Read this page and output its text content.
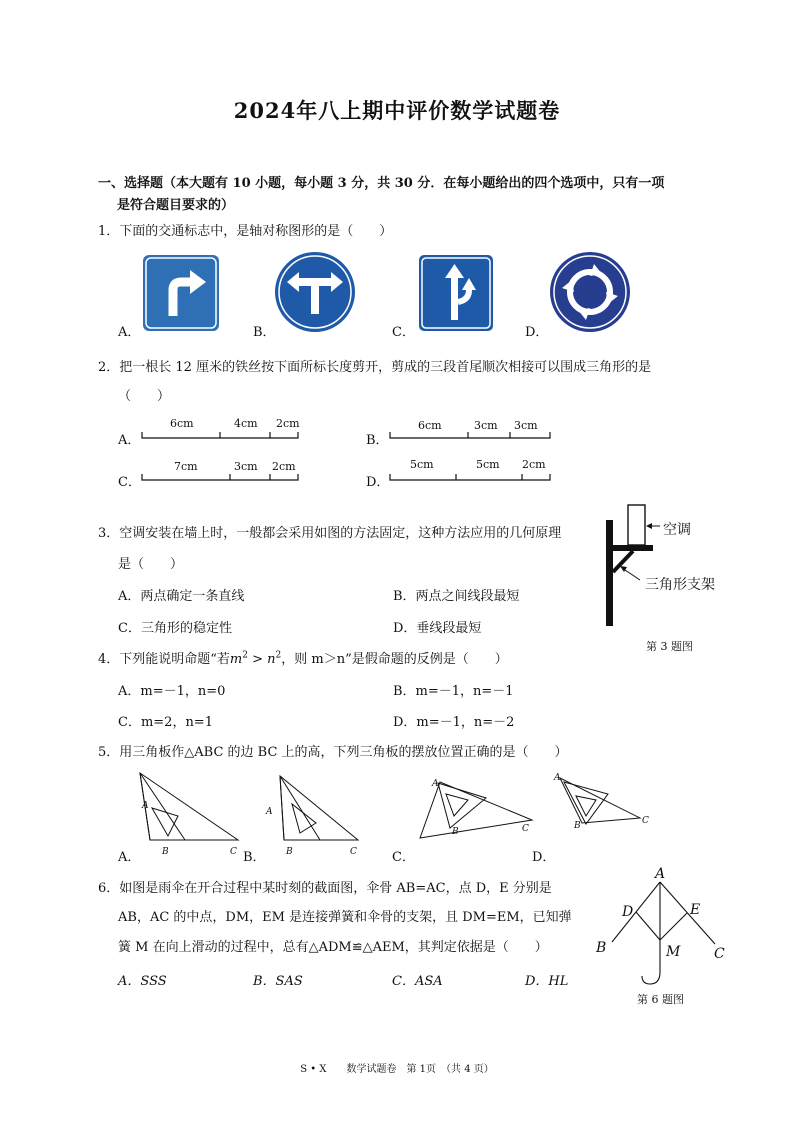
2024年八上期中评价数学试题卷
一、选择题（本大题有 10 小题，每小题 3 分，共 30 分．在每小题给出的四个选项中，只有一项
是符合题目要求的）
1．下面的交通标志中，是轴对称图形的是（　　）
A．	B．	C．	D．
2．把一根长 12 厘米的铁丝按下面所标长度剪开，剪成的三段首尾顺次相接可以围成三角形的是
（　　）
A．	B．
C．	D．
6cm	4cm 2cm	6cm	3cm 3cm
7cm	3cm 2cm	5cm	5cm 2cm
3．空调安装在墙上时，一般都会采用如图的方法固定，这种方法应用的几何原理
是（　　）
A．两点确定一条直线	B．两点之间线段最短
C．三角形的稳定性	D．垂线段最短
空调
三角形支架
第 3 题图
4．下列能说明命题“若$m^2 > n^2$，则 m＞n”是假命题的反例是（　　）
A．m=－1，n=0	B．m=－1，n=－1
C．m=2，n=1	D．m=－1，n=－2
5．用三角板作△ABC 的边 BC 上的高，下列三角板的摆放位置正确的是（　　）
A
B	C
A
B	C
A
B	C
A
B	C
A．	B．	C．	D．
6．如图是雨伞在开合过程中某时刻的截面图，伞骨 AB=AC，点 D，E 分别是
AB，AC 的中点，DM，EM 是连接弹簧和伞骨的支架，且 DM=EM，已知弹
簧 M 在向上滑动的过程中，总有△ADM≌△AEM，其判定依据是（　　）
A．SSS	B．SAS	C．ASA	D．HL
A
D	E
B	C
M
第 6 题图
S • X　　数学试题卷　第 1页　（共 4 页）
